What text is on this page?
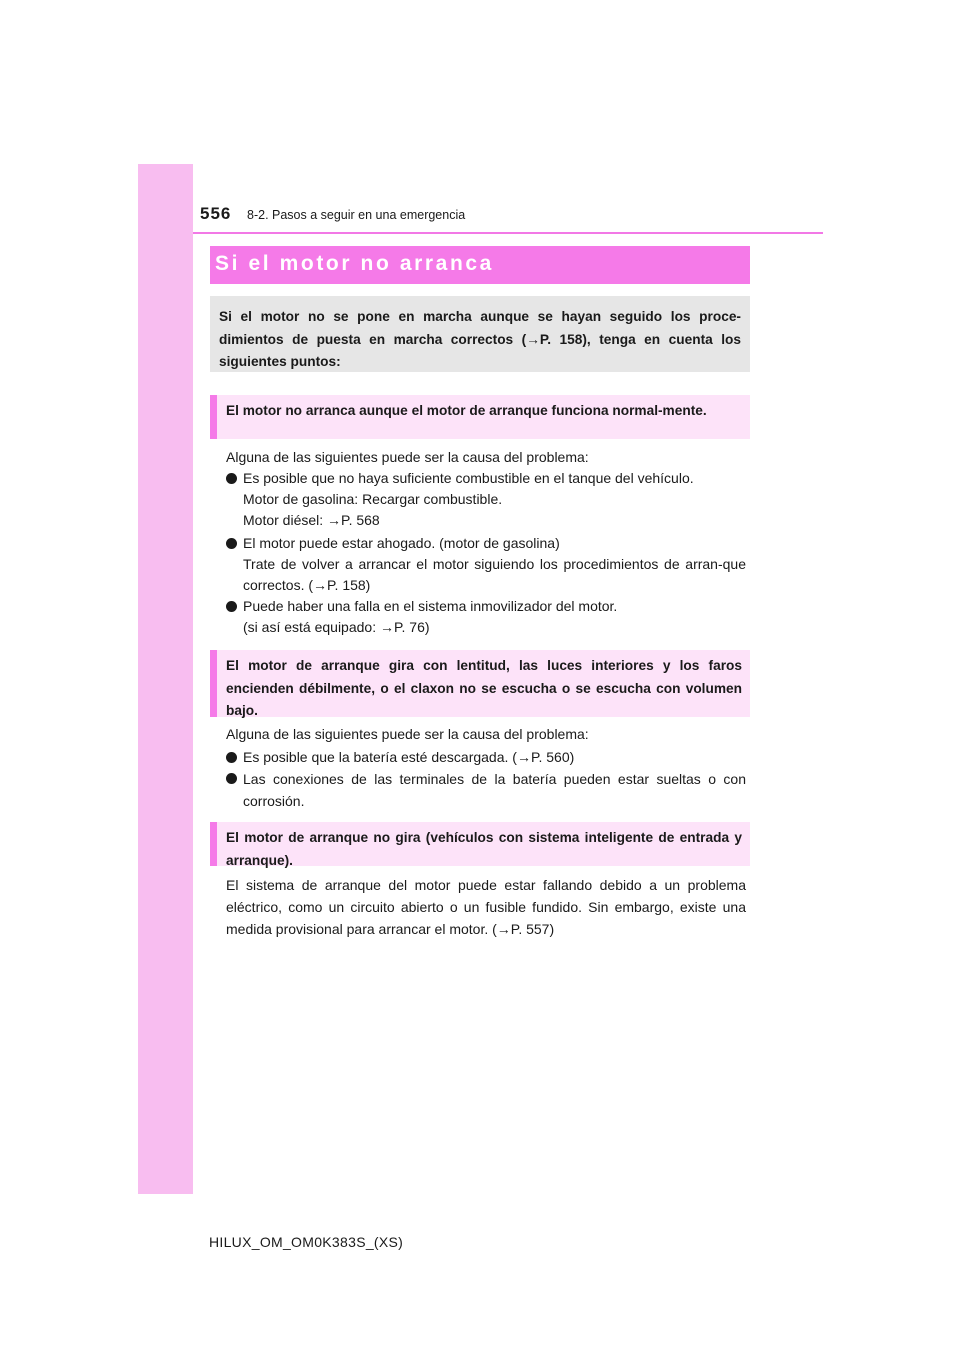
556 8-2. Pasos a seguir en una emergencia
Si el motor no arranca
Si el motor no se pone en marcha aunque se hayan seguido los proce-dimientos de puesta en marcha correctos (→P. 158), tenga en cuenta los siguientes puntos:
El motor no arranca aunque el motor de arranque funciona normal-mente.
Alguna de las siguientes puede ser la causa del problema:
Es posible que no haya suficiente combustible en el tanque del vehículo.
Motor de gasolina: Recargar combustible.
Motor diésel: →P. 568
El motor puede estar ahogado. (motor de gasolina)
Trate de volver a arrancar el motor siguiendo los procedimientos de arran-que correctos. (→P. 158)
Puede haber una falla en el sistema inmovilizador del motor.
(si así está equipado: →P. 76)
El motor de arranque gira con lentitud, las luces interiores y los faros encienden débilmente, o el claxon no se escucha o se escucha con volumen bajo.
Alguna de las siguientes puede ser la causa del problema:
Es posible que la batería esté descargada. (→P. 560)
Las conexiones de las terminales de la batería pueden estar sueltas o con corrosión.
El motor de arranque no gira (vehículos con sistema inteligente de entrada y arranque).
El sistema de arranque del motor puede estar fallando debido a un problema eléctrico, como un circuito abierto o un fusible fundido. Sin embargo, existe una medida provisional para arrancar el motor. (→P. 557)
HILUX_OM_OM0K383S_(XS)
